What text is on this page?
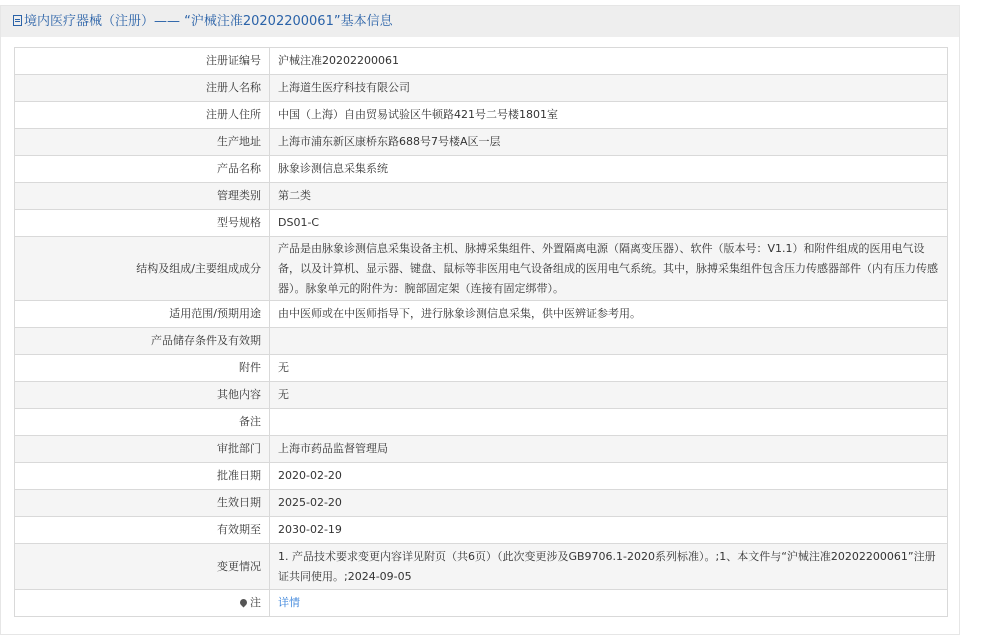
境内医疗器械（注册）—— “沪械注准20202200061”基本信息
注册证编号	沪械注准20202200061
注册人名称	上海道生医疗科技有限公司
注册人住所	中国（上海）自由贸易试验区牛顿路421号二号楼1801室
生产地址	上海市浦东新区康桥东路688号7号楼A区一层
产品名称	脉象诊测信息采集系统
管理类别	第二类
型号规格	DS01-C
结构及组成/主要组成成分	产品是由脉象诊测信息采集设备主机、脉搏采集组件、外置隔离电源（隔离变压器）、软件（版本号：V1.1）和附件组成的医用电气设备，以及计算机、显示器、键盘、鼠标等非医用电气设备组成的医用电气系统。其中，脉搏采集组件包含压力传感器部件（内有压力传感器）。脉象单元的附件为：腕部固定架（连接有固定绑带）。
适用范围/预期用途	由中医师或在中医师指导下，进行脉象诊测信息采集，供中医辨证参考用。
产品储存条件及有效期	
附件	无
其他内容	无
备注	
审批部门	上海市药品监督管理局
批准日期	2020-02-20
生效日期	2025-02-20
有效期至	2030-02-19
变更情况	1. 产品技术要求变更内容详见附页（共6页）（此次变更涉及GB9706.1-2020系列标准）。;1、本文件与“沪械注准20202200061”注册证共同使用。;2024-09-05
注	详情
